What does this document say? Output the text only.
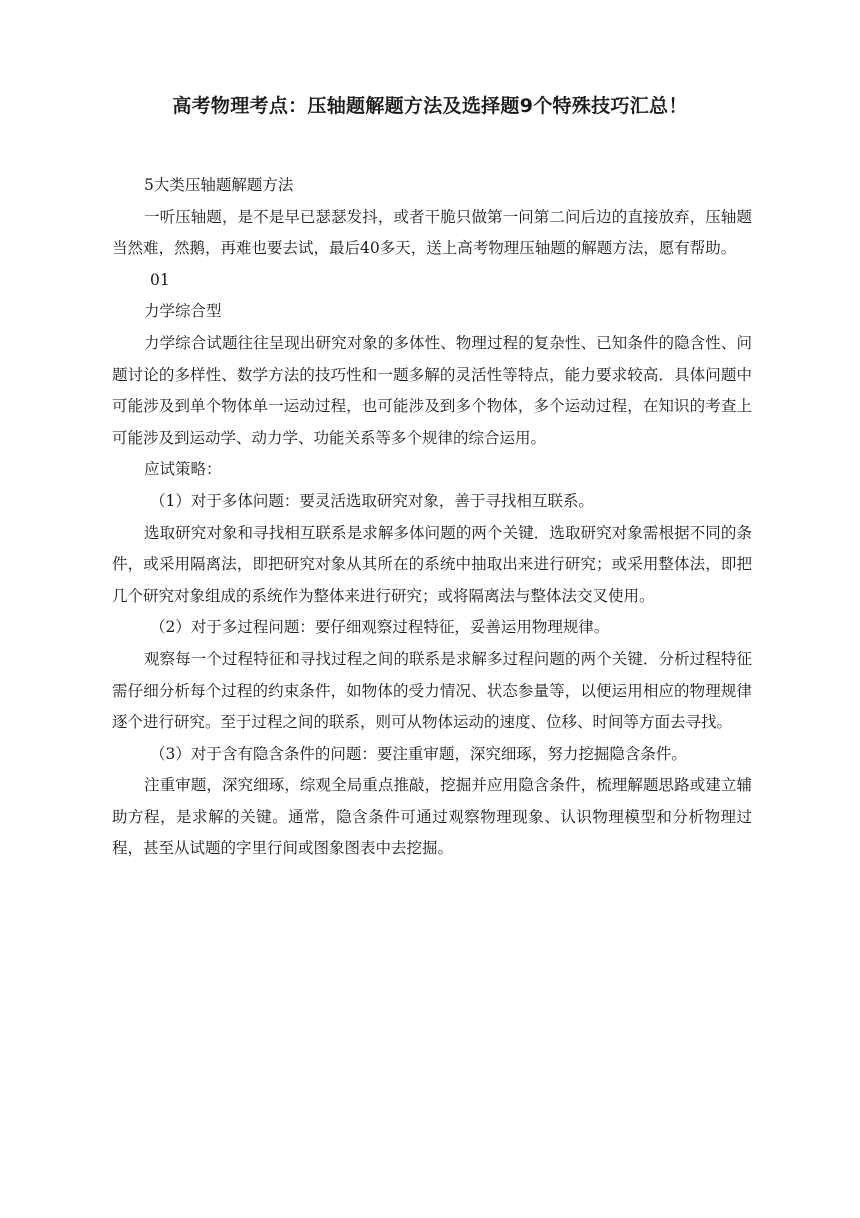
高考物理考点：压轴题解题方法及选择题9个特殊技巧汇总！

5大类压轴题解题方法

一听压轴题，是不是早已瑟瑟发抖，或者干脆只做第一问第二问后边的直接放弃，压轴题当然难，然鹅，再难也要去试，最后40多天，送上高考物理压轴题的解题方法，愿有帮助。

01

力学综合型

力学综合试题往往呈现出研究对象的多体性、物理过程的复杂性、已知条件的隐含性、问题讨论的多样性、数学方法的技巧性和一题多解的灵活性等特点，能力要求较高．具体问题中可能涉及到单个物体单一运动过程，也可能涉及到多个物体，多个运动过程，在知识的考查上可能涉及到运动学、动力学、功能关系等多个规律的综合运用。

应试策略：

（1）对于多体问题：要灵活选取研究对象，善于寻找相互联系。

选取研究对象和寻找相互联系是求解多体问题的两个关键．选取研究对象需根据不同的条件，或采用隔离法，即把研究对象从其所在的系统中抽取出来进行研究；或采用整体法，即把几个研究对象组成的系统作为整体来进行研究；或将隔离法与整体法交叉使用。

（2）对于多过程问题：要仔细观察过程特征，妥善运用物理规律。

观察每一个过程特征和寻找过程之间的联系是求解多过程问题的两个关键．分析过程特征需仔细分析每个过程的约束条件，如物体的受力情况、状态参量等，以便运用相应的物理规律逐个进行研究。至于过程之间的联系，则可从物体运动的速度、位移、时间等方面去寻找。

（3）对于含有隐含条件的问题：要注重审题，深究细琢，努力挖掘隐含条件。

注重审题，深究细琢，综观全局重点推敲，挖掘并应用隐含条件，梳理解题思路或建立辅助方程，是求解的关键。通常，隐含条件可通过观察物理现象、认识物理模型和分析物理过程，甚至从试题的字里行间或图象图表中去挖掘。
